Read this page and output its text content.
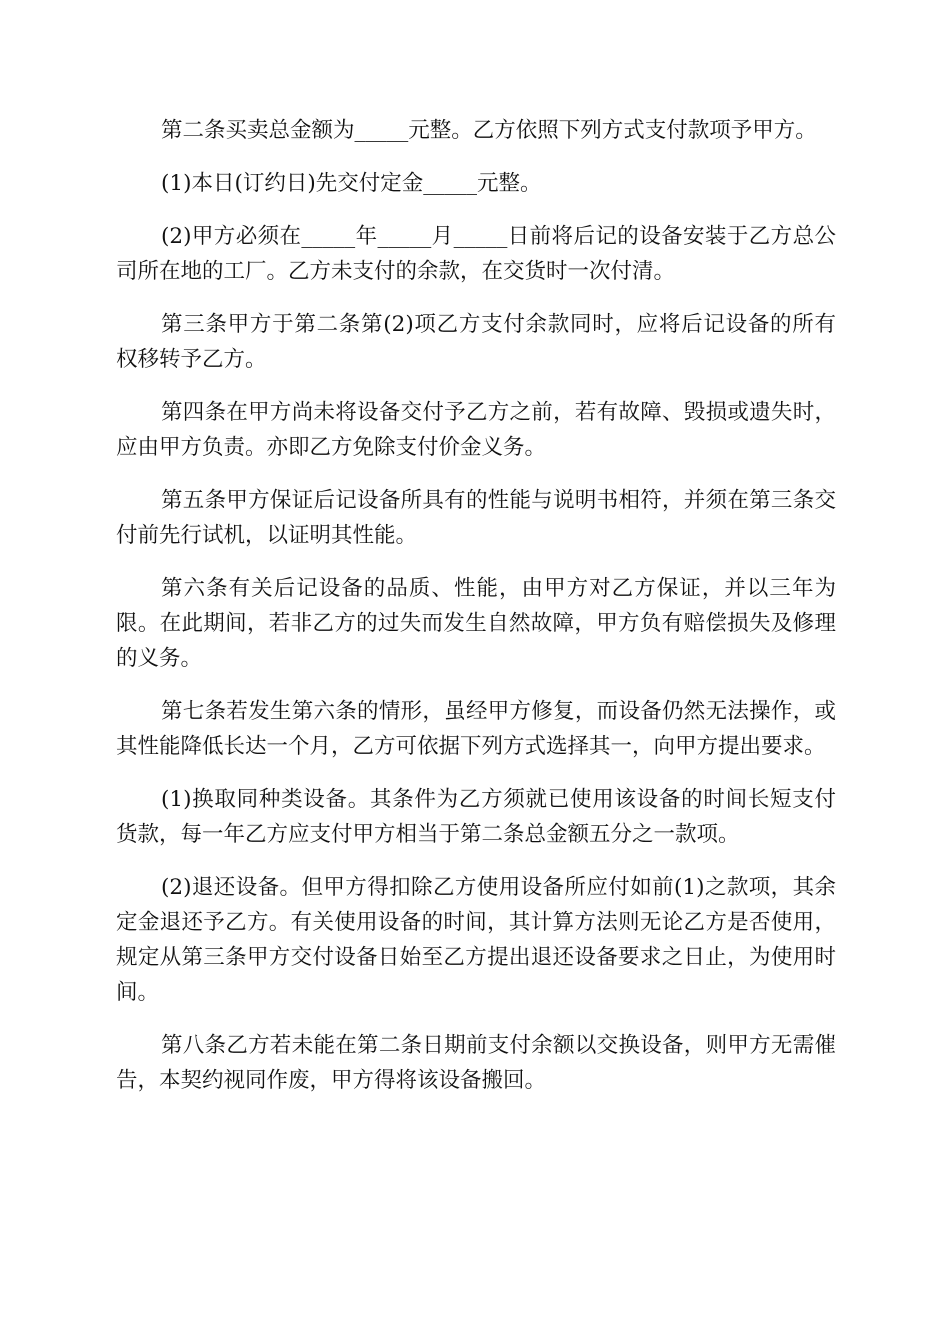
第二条买卖总金额为_____元整。乙方依照下列方式支付款项予甲方。

(1)本日(订约日)先交付定金_____元整。

(2)甲方必须在_____年_____月_____日前将后记的设备安装于乙方总公司所在地的工厂。乙方未支付的余款，在交货时一次付清。

第三条甲方于第二条第(2)项乙方支付余款同时，应将后记设备的所有权移转予乙方。

第四条在甲方尚未将设备交付予乙方之前，若有故障、毁损或遗失时，应由甲方负责。亦即乙方免除支付价金义务。

第五条甲方保证后记设备所具有的性能与说明书相符，并须在第三条交付前先行试机，以证明其性能。

第六条有关后记设备的品质、性能，由甲方对乙方保证，并以三年为限。在此期间，若非乙方的过失而发生自然故障，甲方负有赔偿损失及修理的义务。

第七条若发生第六条的情形，虽经甲方修复，而设备仍然无法操作，或其性能降低长达一个月，乙方可依据下列方式选择其一，向甲方提出要求。

(1)换取同种类设备。其条件为乙方须就已使用该设备的时间长短支付货款，每一年乙方应支付甲方相当于第二条总金额五分之一款项。

(2)退还设备。但甲方得扣除乙方使用设备所应付如前(1)之款项，其余定金退还予乙方。有关使用设备的时间，其计算方法则无论乙方是否使用，规定从第三条甲方交付设备日始至乙方提出退还设备要求之日止，为使用时间。

第八条乙方若未能在第二条日期前支付余额以交换设备，则甲方无需催告，本契约视同作废，甲方得将该设备搬回。
